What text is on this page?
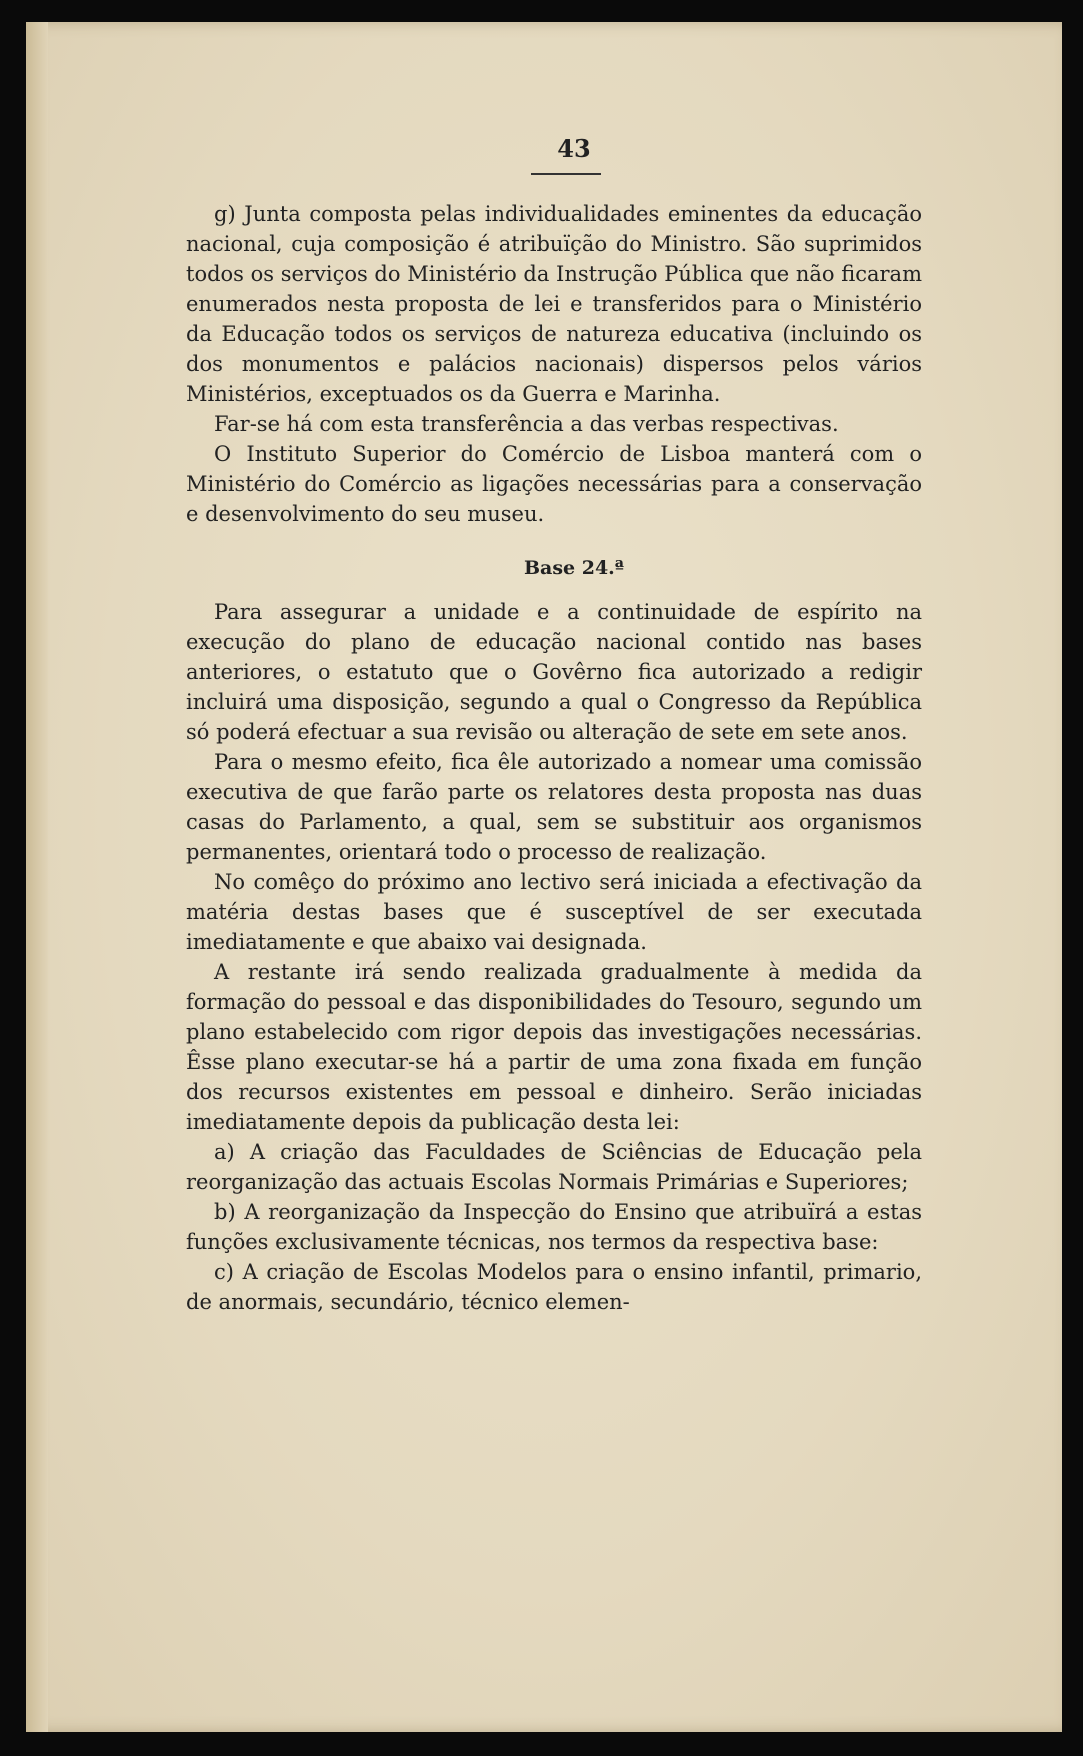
43

g) Junta composta pelas individualidades eminentes da educação nacional, cuja composição é atribuïção do Ministro. São suprimidos todos os serviços do Ministério da Instrução Pública que não ficaram enumerados nesta proposta de lei e transferidos para o Ministério da Educação todos os serviços de natureza educativa (incluindo os dos monumentos e palácios nacionais) dispersos pelos vários Ministérios, exceptuados os da Guerra e Marinha.

Far-se há com esta transferência a das verbas respectivas.

O Instituto Superior do Comércio de Lisboa manterá com o Ministério do Comércio as ligações necessárias para a conservação e desenvolvimento do seu museu.

Base 24.ª

Para assegurar a unidade e a continuidade de espírito na execução do plano de educação nacional contido nas bases anteriores, o estatuto que o Govêrno fica autorizado a redigir incluirá uma disposição, segundo a qual o Congresso da República só poderá efectuar a sua revisão ou alteração de sete em sete anos.

Para o mesmo efeito, fica êle autorizado a nomear uma comissão executiva de que farão parte os relatores desta proposta nas duas casas do Parlamento, a qual, sem se substituir aos organismos permanentes, orientará todo o processo de realização.

No comêço do próximo ano lectivo será iniciada a efectivação da matéria destas bases que é susceptível de ser executada imediatamente e que abaixo vai designada.

A restante irá sendo realizada gradualmente à medida da formação do pessoal e das disponibilidades do Tesouro, segundo um plano estabelecido com rigor depois das investigações necessárias. Êsse plano executar-se há a partir de uma zona fixada em função dos recursos existentes em pessoal e dinheiro. Serão iniciadas imediatamente depois da publicação desta lei:

a) A criação das Faculdades de Sciências de Educação pela reorganização das actuais Escolas Normais Primárias e Superiores;

b) A reorganização da Inspecção do Ensino que atribuïrá a estas funções exclusivamente técnicas, nos termos da respectiva base:

c) A criação de Escolas Modelos para o ensino infantil, primario, de anormais, secundário, técnico elemen-
